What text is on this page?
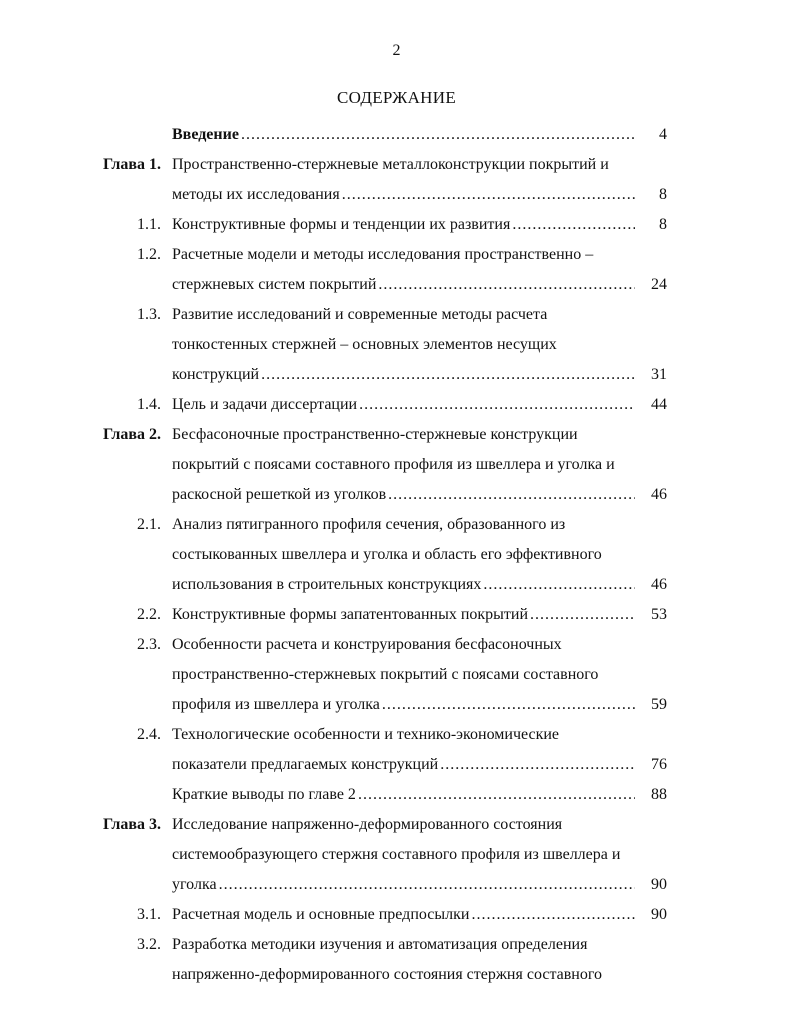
2
СОДЕРЖАНИЕ
Введение .....	4
Глава 1. Пространственно-стержневые металлоконструкции покрытий и
методы их исследования .....	8
1.1. Конструктивные формы и тенденции их развития .....	8
1.2. Расчетные модели и методы исследования пространственно –
стержневых систем покрытий .....	24
1.3. Развитие исследований и современные методы расчета
тонкостенных стержней – основных элементов несущих
конструкций .....	31
1.4. Цель и задачи диссертации .....	44
Глава 2. Бесфасоночные пространственно-стержневые конструкции
покрытий с поясами составного профиля из швеллера и уголка и
раскосной решеткой из уголков .....	46
2.1. Анализ пятигранного профиля сечения, образованного из
состыкованных швеллера и уголка и область его эффективного
использования в строительных конструкциях .....	46
2.2. Конструктивные формы запатентованных покрытий .....	53
2.3. Особенности расчета и конструирования бесфасоночных
пространственно-стержневых покрытий с поясами составного
профиля из швеллера и уголка .....	59
2.4. Технологические особенности и технико-экономические
показатели предлагаемых конструкций .....	76
Краткие выводы по главе 2 .....	88
Глава 3. Исследование напряженно-деформированного состояния
системообразующего стержня составного профиля из швеллера и
уголка .....	90
3.1. Расчетная модель и основные предпосылки .....	90
3.2. Разработка методики изучения и автоматизация определения
напряженно-деформированного состояния стержня составного
